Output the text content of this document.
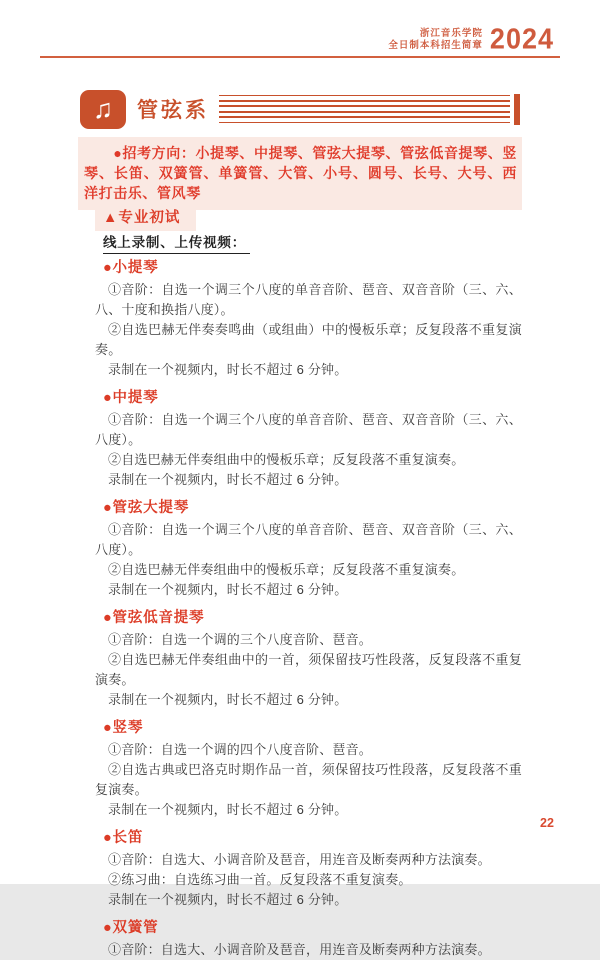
浙江音乐学院
全日制本科招生简章 2024
♫	管弦系
●招考方向：小提琴、中提琴、管弦大提琴、管弦低音提琴、竖琴、长笛、双簧管、单簧管、大管、小号、圆号、长号、大号、西洋打击乐、管风琴
▲专业初试
线上录制、上传视频：
●小提琴

①音阶：自选一个调三个八度的单音音阶、琶音、双音音阶（三、六、八、十度和换指八度）。

②自选巴赫无伴奏奏鸣曲（或组曲）中的慢板乐章；反复段落不重复演奏。

录制在一个视频内，时长不超过 6 分钟。

●中提琴

①音阶：自选一个调三个八度的单音音阶、琶音、双音音阶（三、六、八度）。

②自选巴赫无伴奏组曲中的慢板乐章；反复段落不重复演奏。

录制在一个视频内，时长不超过 6 分钟。

●管弦大提琴

①音阶：自选一个调三个八度的单音音阶、琶音、双音音阶（三、六、八度）。

②自选巴赫无伴奏组曲中的慢板乐章；反复段落不重复演奏。

录制在一个视频内，时长不超过 6 分钟。

●管弦低音提琴

①音阶：自选一个调的三个八度音阶、琶音。

②自选巴赫无伴奏组曲中的一首，须保留技巧性段落，反复段落不重复演奏。

录制在一个视频内，时长不超过 6 分钟。

●竖琴

①音阶：自选一个调的四个八度音阶、琶音。

②自选古典或巴洛克时期作品一首，须保留技巧性段落，反复段落不重复演奏。

录制在一个视频内，时长不超过 6 分钟。

●长笛

①音阶：自选大、小调音阶及琶音，用连音及断奏两种方法演奏。

②练习曲：自选练习曲一首。反复段落不重复演奏。

录制在一个视频内，时长不超过 6 分钟。

●双簧管

①音阶：自选大、小调音阶及琶音，用连音及断奏两种方法演奏。

22
